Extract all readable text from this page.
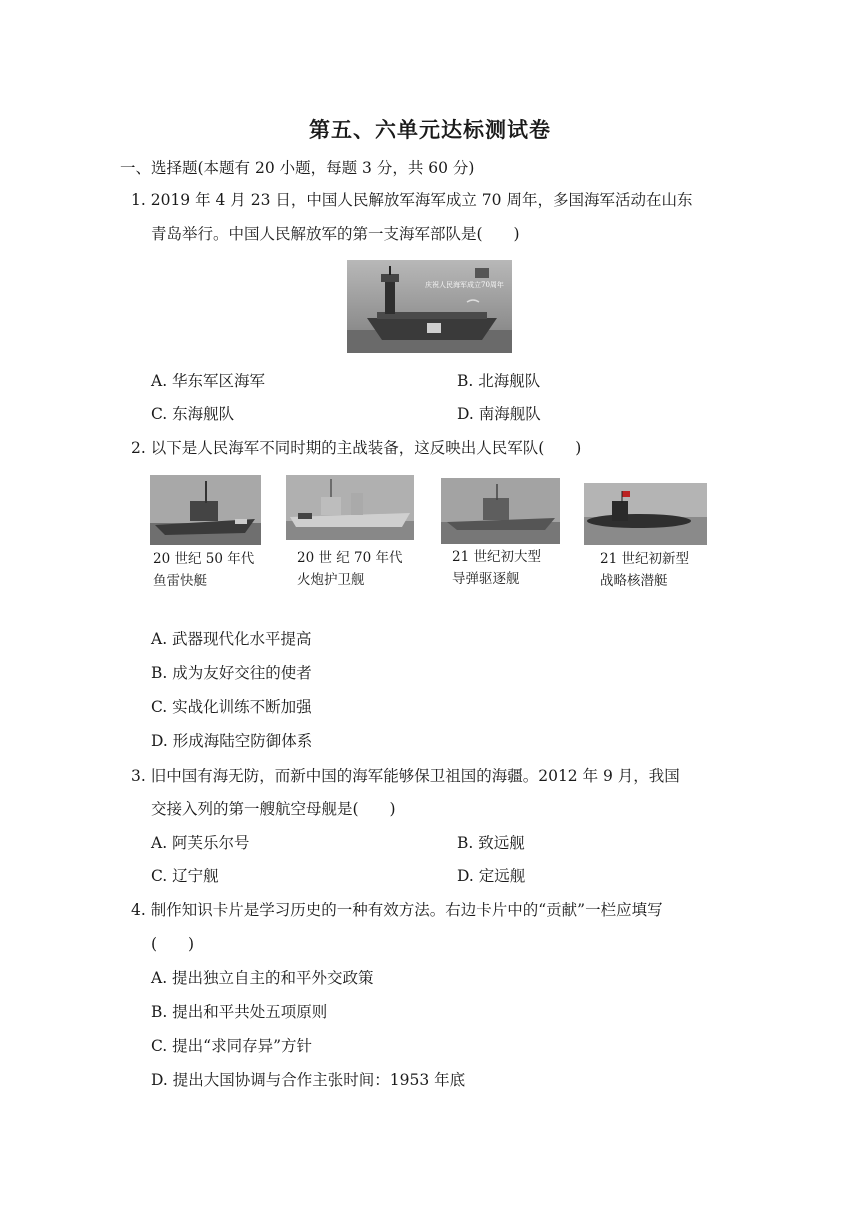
第五、六单元达标测试卷
一、选择题(本题有 20 小题，每题 3 分，共 60 分)
1. 2019 年 4 月 23 日，中国人民解放军海军成立 70 周年，多国海军活动在山东
青岛举行。中国人民解放军的第一支海军部队是(　　)
庆祝人民海军成立70周年
A. 华东军区海军	B. 北海舰队
C. 东海舰队	D. 南海舰队
2. 以下是人民海军不同时期的主战装备，这反映出人民军队(　　)
20 世纪 50 年代
鱼雷快艇
20 世 纪 70 年代
火炮护卫舰
21 世纪初大型
导弹驱逐舰
21 世纪初新型
战略核潜艇
A. 武器现代化水平提高
B. 成为友好交往的使者
C. 实战化训练不断加强
D. 形成海陆空防御体系
3. 旧中国有海无防，而新中国的海军能够保卫祖国的海疆。2012 年 9 月，我国
交接入列的第一艘航空母舰是(　　)
A. 阿芙乐尔号	B. 致远舰
C. 辽宁舰	D. 定远舰
4. 制作知识卡片是学习历史的一种有效方法。右边卡片中的“贡献”一栏应填写
(　　)
A. 提出独立自主的和平外交政策
B. 提出和平共处五项原则
C. 提出“求同存异”方针
D. 提出大国协调与合作主张时间：1953 年底
